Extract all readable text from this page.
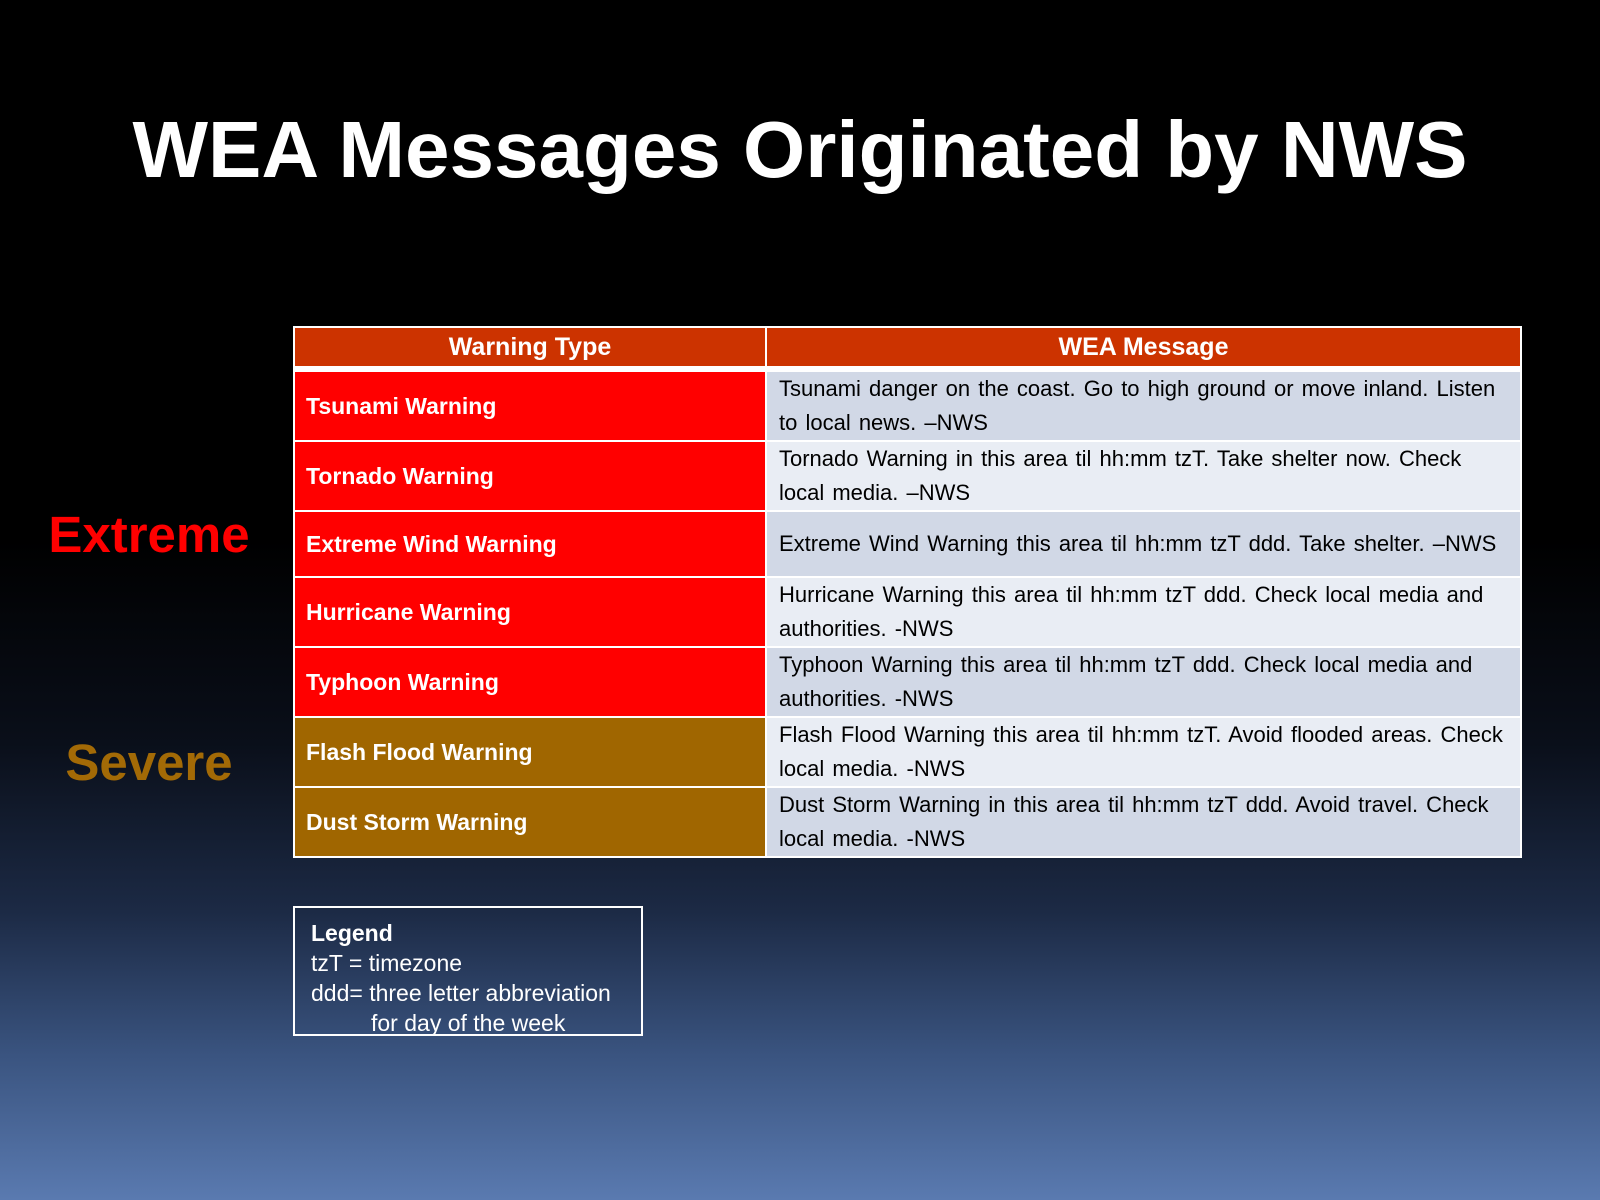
WEA Messages Originated by NWS
Extreme
Severe
Warning Type	WEA Message
Tsunami Warning	Tsunami danger on the coast. Go to high ground or move inland. Listen to local news. –NWS
Tornado Warning	Tornado Warning in this area til hh:mm tzT. Take shelter now. Check local media. –NWS
Extreme Wind Warning	Extreme Wind Warning this area til hh:mm tzT ddd. Take shelter. –NWS
Hurricane Warning	Hurricane Warning this area til hh:mm tzT ddd. Check local media and authorities. -NWS
Typhoon Warning	Typhoon Warning this area til hh:mm tzT ddd. Check local media and authorities. -NWS
Flash Flood Warning	Flash Flood Warning this area til hh:mm tzT. Avoid flooded areas. Check local media. -NWS
Dust Storm Warning	Dust Storm Warning in this area til hh:mm tzT ddd. Avoid travel. Check local media. -NWS
Legend
tzT = timezone
ddd= three letter abbreviation
for day of the week
